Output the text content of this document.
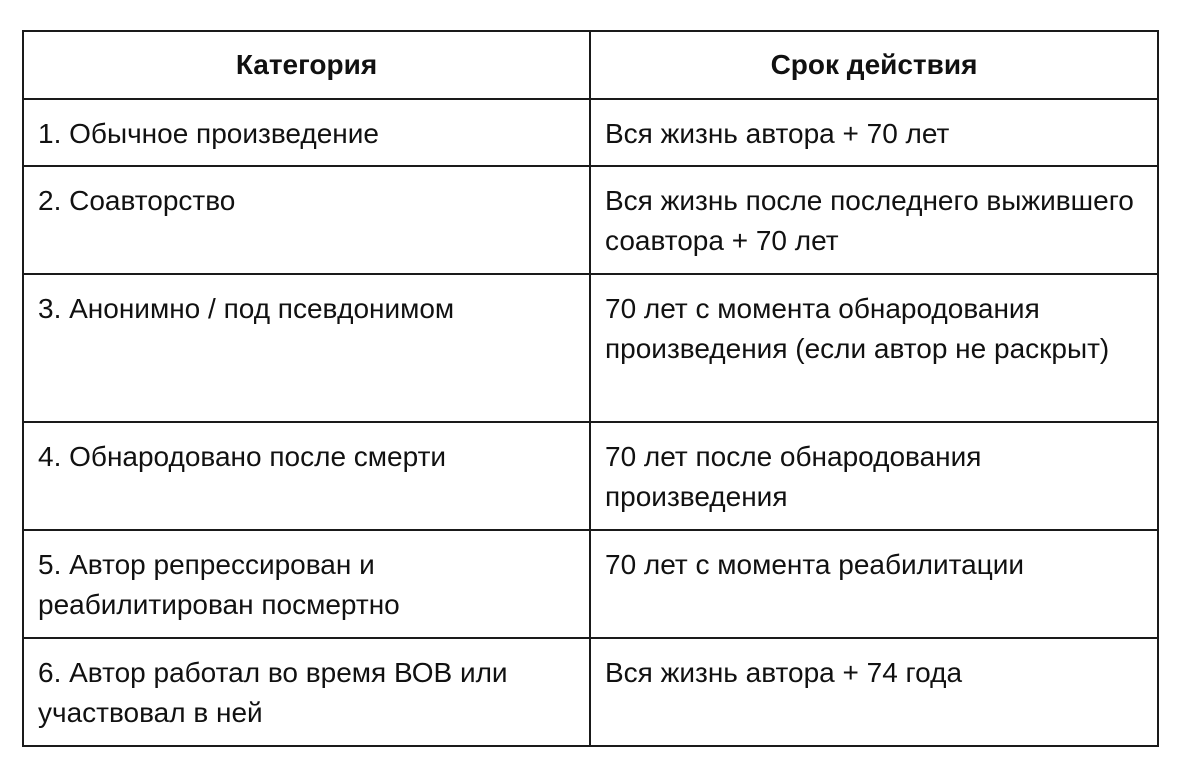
Категория	Срок действия
1. Обычное произведение	Вся жизнь автора + 70 лет
2. Соавторство	Вся жизнь после последнего выжившего соавтора + 70 лет
3. Анонимно / под псевдонимом	70 лет с момента обнародования произведения (если автор не раскрыт)
4. Обнародовано после смерти	70 лет после обнародования произведения
5. Автор репрессирован и реабилитирован посмертно	70 лет с момента реабилитации
6. Автор работал во время ВОВ или участвовал в ней	Вся жизнь автора + 74 года
